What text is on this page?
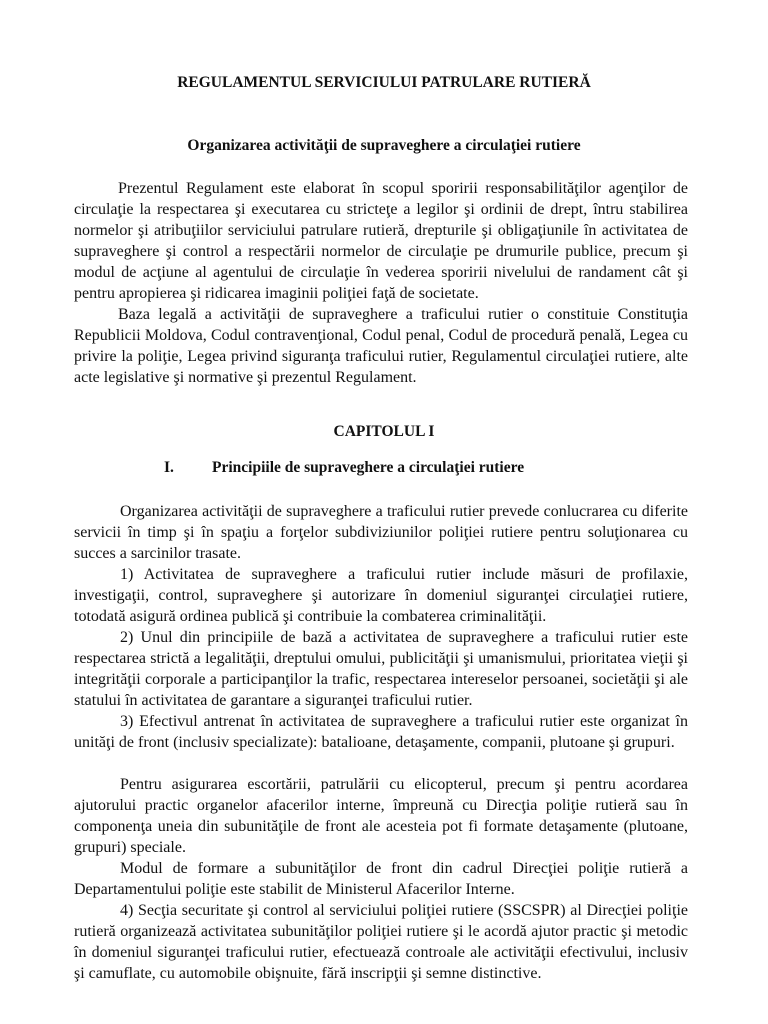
REGULAMENTUL SERVICIULUI PATRULARE RUTIERĂ
Organizarea activităţii de supraveghere a circulaţiei rutiere
Prezentul Regulament este elaborat în scopul sporirii responsabilităţilor agenţilor de circulaţie la respectarea şi executarea cu stricteţe a legilor şi ordinii de drept, întru stabilirea normelor şi atribuţiilor serviciului patrulare rutieră, drepturile şi obligaţiunile în activitatea de supraveghere şi control a respectării normelor de circulaţie pe drumurile publice, precum şi modul de acţiune al agentului de circulaţie în vederea sporirii nivelului de randament cât şi pentru apropierea şi ridicarea imaginii poliţiei faţă de societate.
Baza legală a activităţii de supraveghere a traficului rutier o constituie Constituţia Republicii Moldova, Codul contravenţional, Codul penal, Codul de procedură penală, Legea cu privire la poliţie, Legea privind siguranţa traficului rutier, Regulamentul circulaţiei rutiere, alte acte legislative şi normative şi prezentul Regulament.
CAPITOLUL I
I. Principiile de supraveghere a circulaţiei rutiere
Organizarea activităţii de supraveghere a traficului rutier prevede conlucrarea cu diferite servicii în timp şi în spaţiu a forţelor subdiviziunilor poliţiei rutiere pentru soluţionarea cu succes a sarcinilor trasate.
1) Activitatea de supraveghere a traficului rutier include măsuri de profilaxie, investigaţii, control, supraveghere şi autorizare în domeniul siguranţei circulaţiei rutiere, totodată asigură ordinea publică şi contribuie la combaterea criminalităţii.
2) Unul din principiile de bază a activitatea de supraveghere a traficului rutier este respectarea strictă a legalităţii, dreptului omului, publicităţii şi umanismului, prioritatea vieţii şi integrităţii corporale a participanţilor la trafic, respectarea intereselor persoanei, societăţii şi ale statului în activitatea de garantare a siguranţei traficului rutier.
3) Efectivul antrenat în activitatea de supraveghere a traficului rutier este organizat în unităţi de front (inclusiv specializate): batalioane, detaşamente, companii, plutoane şi grupuri.
Pentru asigurarea escortării, patrulării cu elicopterul, precum şi pentru acordarea ajutorului practic organelor afacerilor interne, împreună cu Direcţia poliţie rutieră sau în componenţa uneia din subunităţile de front ale acesteia pot fi formate detaşamente (plutoane, grupuri) speciale.
Modul de formare a subunităţilor de front din cadrul Direcţiei poliţie rutieră a Departamentului poliţie este stabilit de Ministerul Afacerilor Interne.
4) Secţia securitate şi control al serviciului poliţiei rutiere (SSCSPR) al Direcţiei poliţie rutieră organizează activitatea subunităţilor poliţiei rutiere şi le acordă ajutor practic şi metodic în domeniul siguranţei traficului rutier, efectuează controale ale activităţii efectivului, inclusiv şi camuflate, cu automobile obişnuite, fără inscripţii şi semne distinctive.
